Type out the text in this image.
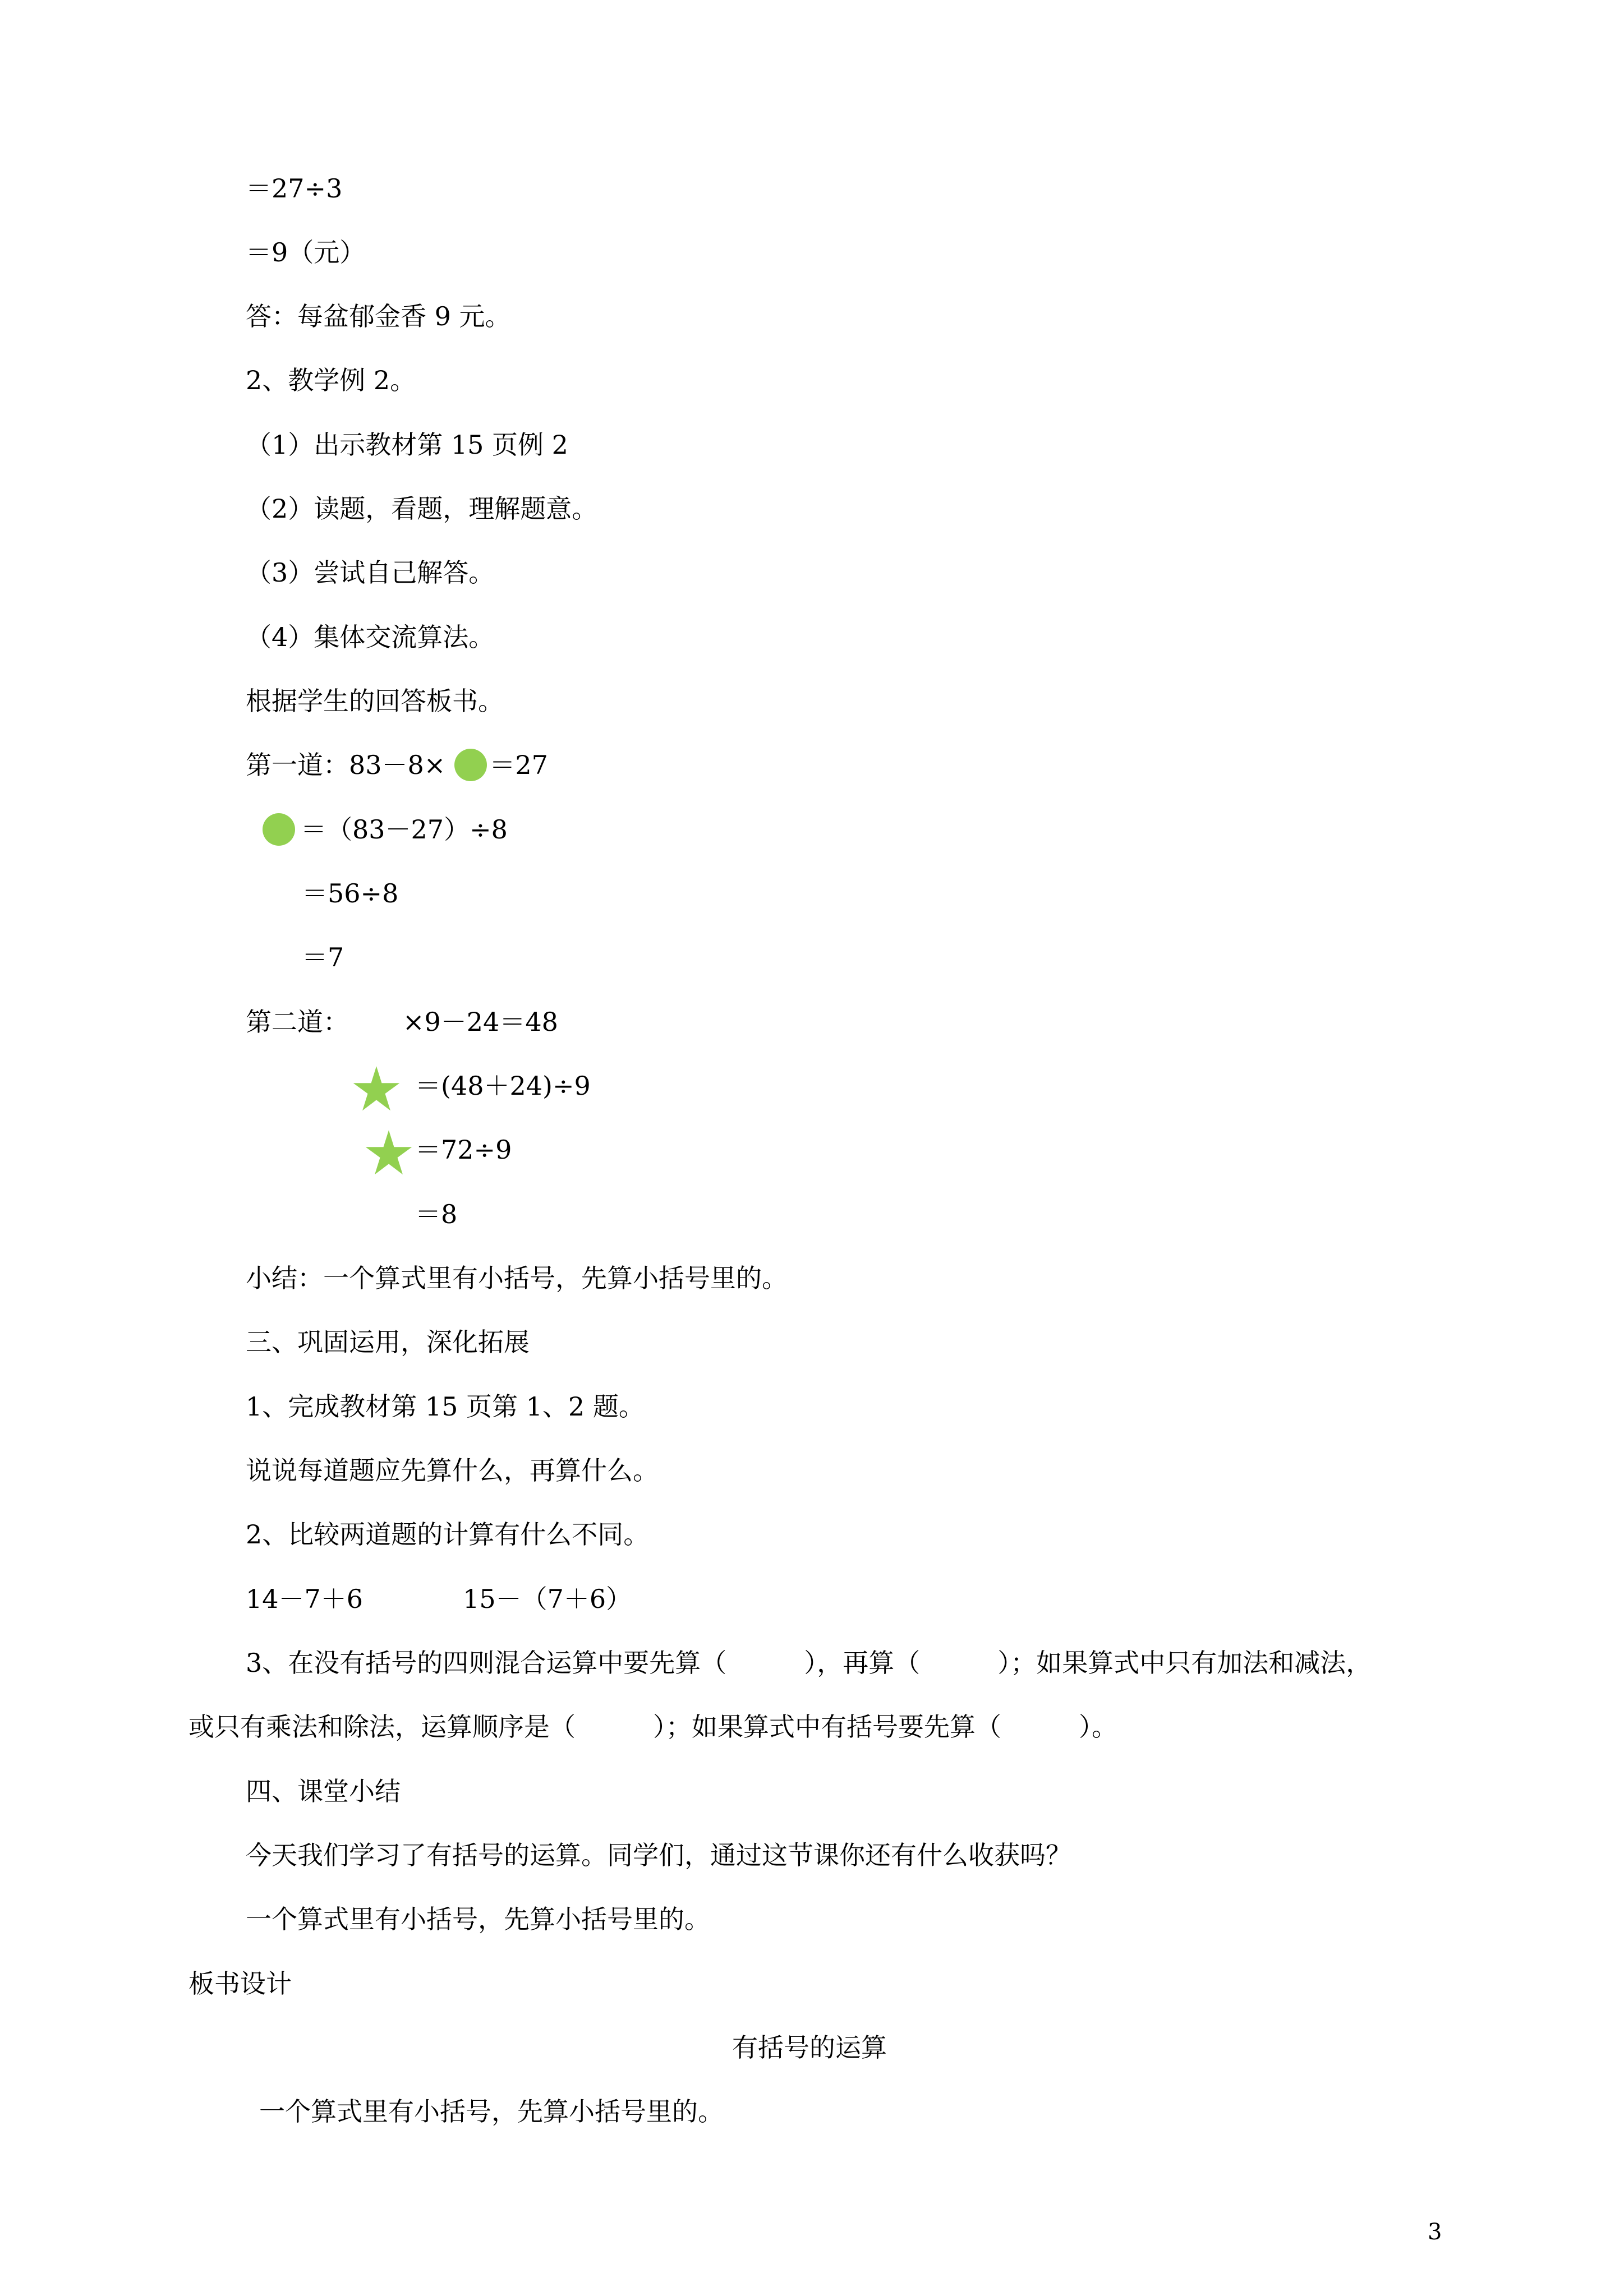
＝27÷3
＝9（元）
答：每盆郁金香 9 元。
2、教学例 2。
（1）出示教材第 15 页例 2
（2）读题，看题，理解题意。
（3）尝试自己解答。
（4）集体交流算法。
根据学生的回答板书。
第一道：83－8× ＝27
＝（83－27）÷8
＝56÷8
＝7
第二道：

×9－24＝48

＝(48＋24)÷9
＝72÷9
＝8
小结：一个算式里有小括号，先算小括号里的。
三、巩固运用，深化拓展
1、完成教材第 15 页第 1、2 题。
说说每道题应先算什么，再算什么。
2、比较两道题的计算有什么不同。
14－7＋6	15－（7＋6）
3、在没有括号的四则混合运算中要先算（　　　），再算（　　　）；如果算式中只有加法和减法，
或只有乘法和除法，运算顺序是（　　　）；如果算式中有括号要先算（　　　）。
四、课堂小结
今天我们学习了有括号的运算。同学们，通过这节课你还有什么收获吗？
一个算式里有小括号，先算小括号里的。
板书设计
有括号的运算
一个算式里有小括号，先算小括号里的。
3
